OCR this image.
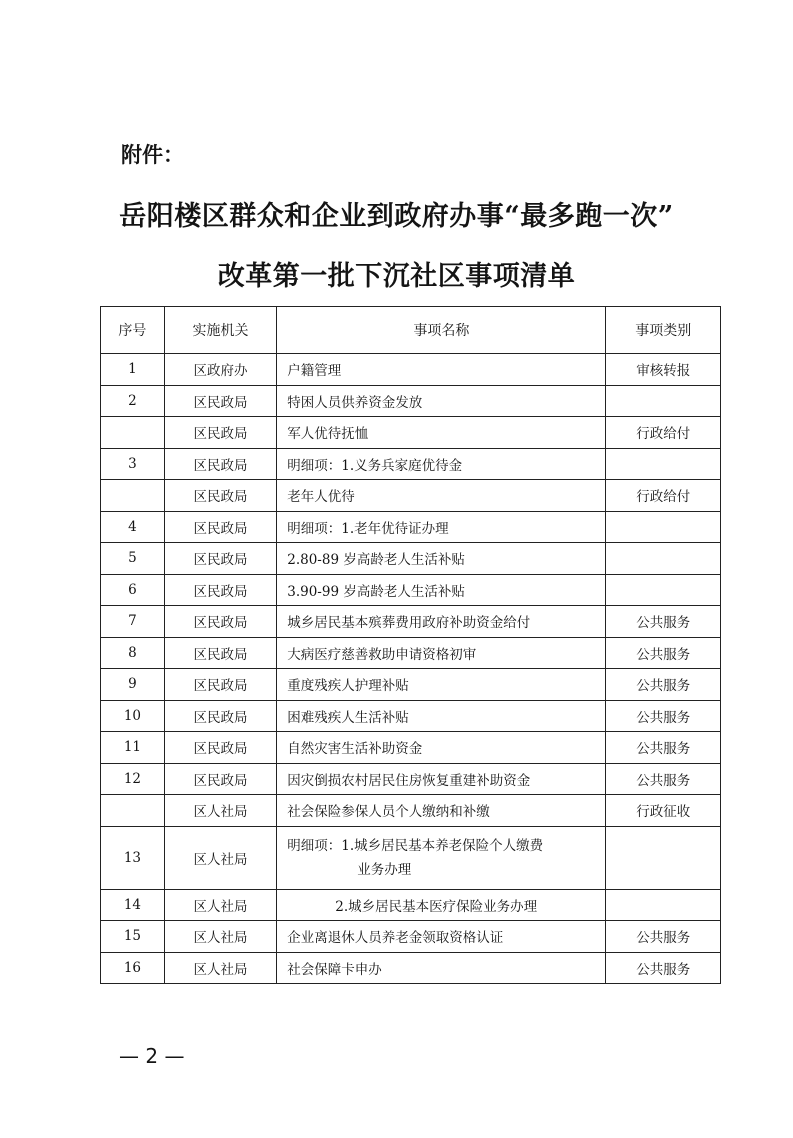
附件：
岳阳楼区群众和企业到政府办事“最多跑一次”
改革第一批下沉社区事项清单
序号	实施机关	事项名称	事项类别
1	区政府办	户籍管理	审核转报
2	区民政局	特困人员供养资金发放	
	区民政局	军人优待抚恤	行政给付
3	区民政局	明细项：1.义务兵家庭优待金	
	区民政局	老年人优待	行政给付
4	区民政局	明细项：1.老年优待证办理	
5	区民政局	2.80-89 岁高龄老人生活补贴	
6	区民政局	3.90-99 岁高龄老人生活补贴	
7	区民政局	城乡居民基本殡葬费用政府补助资金给付	公共服务
8	区民政局	大病医疗慈善救助申请资格初审	公共服务
9	区民政局	重度残疾人护理补贴	公共服务
10	区民政局	困难残疾人生活补贴	公共服务
11	区民政局	自然灾害生活补助资金	公共服务
12	区民政局	因灾倒损农村居民住房恢复重建补助资金	公共服务
	区人社局	社会保险参保人员个人缴纳和补缴	行政征收
13	区人社局	明细项：1.城乡居民基本养老保险个人缴费
业务办理	

14	区人社局	2.城乡居民基本医疗保险业务办理	
15	区人社局	企业离退休人员养老金领取资格认证	公共服务
16	区人社局	社会保障卡申办	公共服务
— 2 —
